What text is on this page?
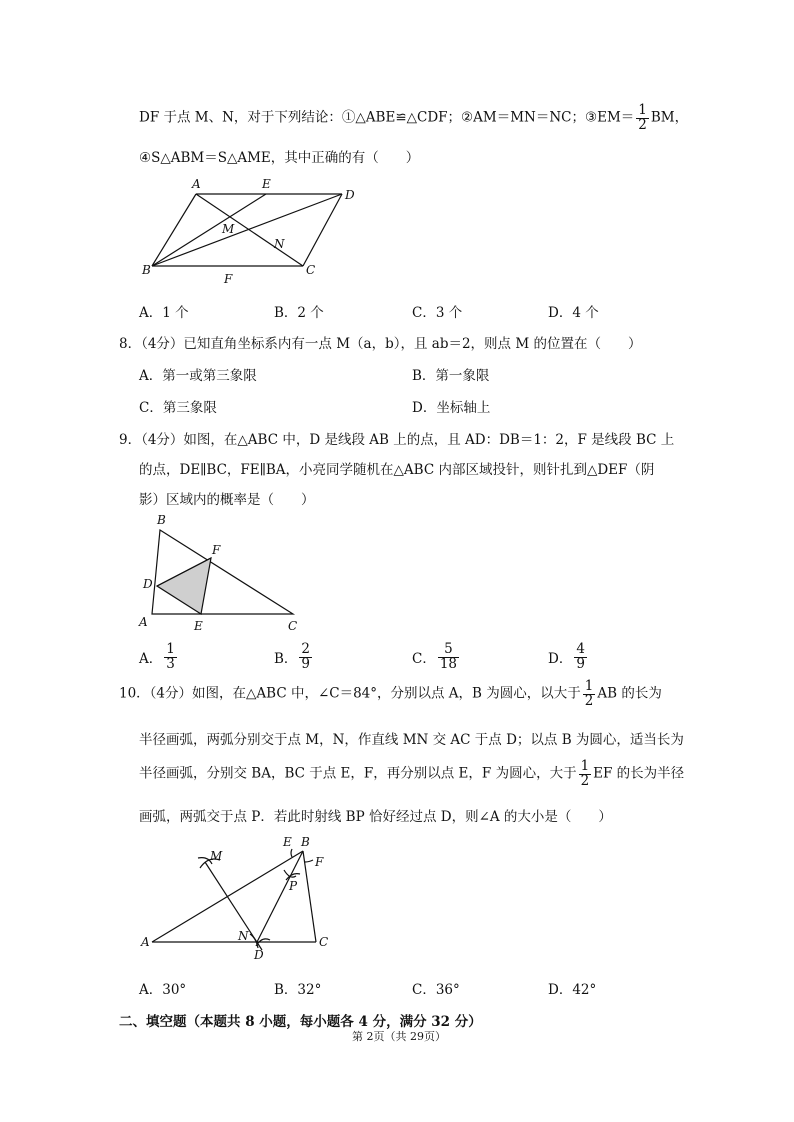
DF 于点 M、N，对于下列结论：①△ABE≌△CDF；②AM＝MN＝NC；③EM＝ $\frac{1}{2}$ BM，
④S△ABM＝S△AME，其中正确的有（　　）
A	E
D
M
N
B
F
C
A．1 个	B．2 个	C．3 个	D．4 个
8．（4分）已知直角坐标系内有一点 M（a，b），且 ab＝2，则点 M 的位置在（　　）
A．第一或第三象限	B．第一象限
C．第三象限	D．坐标轴上
9．（4分）如图，在△ABC 中，D 是线段 AB 上的点，且 AD：DB＝1：2，F 是线段 BC 上
的点，DE∥BC，FE∥BA，小亮同学随机在△ABC 内部区域投针，则针扎到△DEF（阴
影）区域内的概率是（　　）
B
F
D
A	E	C
A． $\frac{1}{3}$	B． $\frac{2}{9}$	C． $\frac{5}{18}$	D． $\frac{4}{9}$
10．（4分）如图，在△ABC 中，∠C＝84°，分别以点 A，B 为圆心，以大于 $\frac{1}{2}$ AB 的长为
半径画弧，两弧分别交于点 M，N，作直线 MN 交 AC 于点 D；以点 B 为圆心，适当长为
半径画弧，分别交 BA，BC 于点 E，F，再分别以点 E，F 为圆心，大于 $\frac{1}{2}$ EF 的长为半径
画弧，两弧交于点 P．若此时射线 BP 恰好经过点 D，则∠A 的大小是（　　）
E B
F
M
P
A	N
D
C
A．30°	B．32°	C．36°	D．42°
二、填空题（本题共 8 小题，每小题各 4 分，满分 32 分）
第 2页（共 29页）
